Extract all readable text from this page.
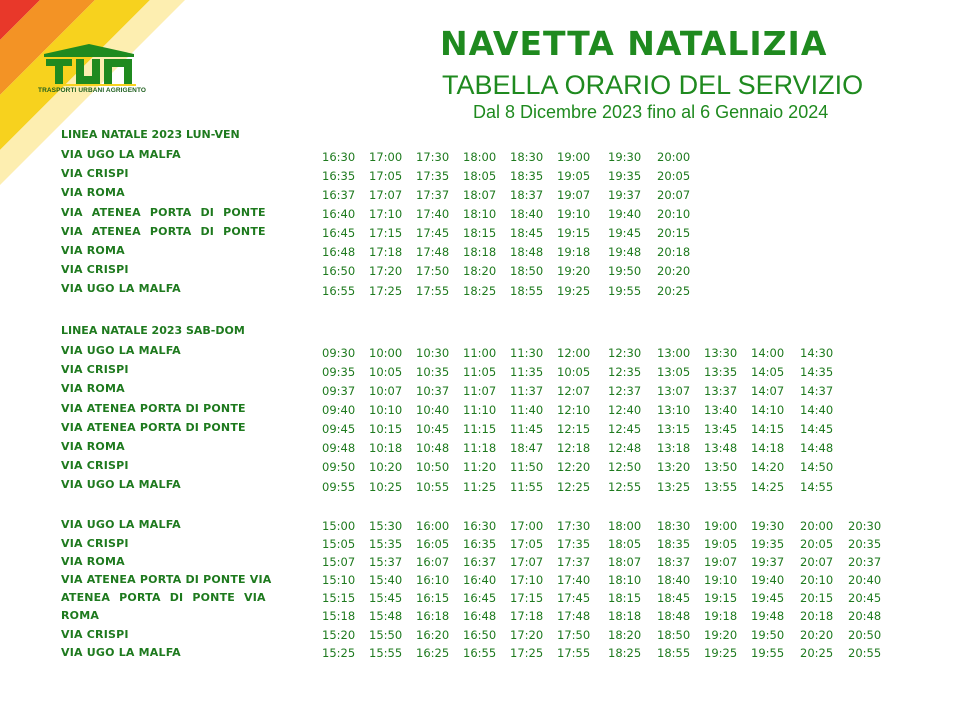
TRASPORTI URBANI AGRIGENTO
NAVETTA NATALIZIA
TABELLA ORARIO DEL SERVIZIO
Dal 8 Dicembre 2023 fino al 6 Gennaio 2024
LINEA NATALE 2023 LUN-VEN
VIA UGO LA MALFA	16:30 17:00 17:30 18:00 18:30 19:00 19:30 20:00
VIA CRISPI	16:35 17:05 17:35 18:05 18:35 19:05 19:35 20:05
VIA ROMA	16:37 17:07 17:37 18:07 18:37 19:07 19:37 20:07
VIA ATENEA PORTA DI PONTE	16:40 17:10 17:40 18:10 18:40 19:10 19:40 20:10
VIA ATENEA PORTA DI PONTE	16:45 17:15 17:45 18:15 18:45 19:15 19:45 20:15
VIA ROMA	16:48 17:18 17:48 18:18 18:48 19:18 19:48 20:18
VIA CRISPI	16:50 17:20 17:50 18:20 18:50 19:20 19:50 20:20
VIA UGO LA MALFA	16:55 17:25 17:55 18:25 18:55 19:25 19:55 20:25
LINEA NATALE 2023 SAB-DOM
VIA UGO LA MALFA	09:30 10:00 10:30 11:00 11:30 12:00 12:30 13:00 13:30 14:00 14:30
VIA CRISPI	09:35 10:05 10:35 11:05 11:35 10:05 12:35 13:05 13:35 14:05 14:35
VIA ROMA	09:37 10:07 10:37 11:07 11:37 12:07 12:37 13:07 13:37 14:07 14:37
VIA ATENEA PORTA DI PONTE	09:40 10:10 10:40 11:10 11:40 12:10 12:40 13:10 13:40 14:10 14:40
VIA ATENEA PORTA DI PONTE	09:45 10:15 10:45 11:15 11:45 12:15 12:45 13:15 13:45 14:15 14:45
VIA ROMA	09:48 10:18 10:48 11:18 18:47 12:18 12:48 13:18 13:48 14:18 14:48
VIA CRISPI	09:50 10:20 10:50 11:20 11:50 12:20 12:50 13:20 13:50 14:20 14:50
VIA UGO LA MALFA	09:55 10:25 10:55 11:25 11:55 12:25 12:55 13:25 13:55 14:25 14:55
VIA UGO LA MALFA	15:00 15:30 16:00 16:30 17:00 17:30 18:00 18:30 19:00 19:30 20:00 20:30
VIA CRISPI	15:05 15:35 16:05 16:35 17:05 17:35 18:05 18:35 19:05 19:35 20:05 20:35
VIA ROMA	15:07 15:37 16:07 16:37 17:07 17:37 18:07 18:37 19:07 19:37 20:07 20:37
VIA ATENEA PORTA DI PONTE VIA	15:10 15:40 16:10 16:40 17:10 17:40 18:10 18:40 19:10 19:40 20:10 20:40
ATENEA PORTA DI PONTE VIA	15:15 15:45 16:15 16:45 17:15 17:45 18:15 18:45 19:15 19:45 20:15 20:45
ROMA	15:18 15:48 16:18 16:48 17:18 17:48 18:18 18:48 19:18 19:48 20:18 20:48
VIA CRISPI	15:20 15:50 16:20 16:50 17:20 17:50 18:20 18:50 19:20 19:50 20:20 20:50
VIA UGO LA MALFA	15:25 15:55 16:25 16:55 17:25 17:55 18:25 18:55 19:25 19:55 20:25 20:55
